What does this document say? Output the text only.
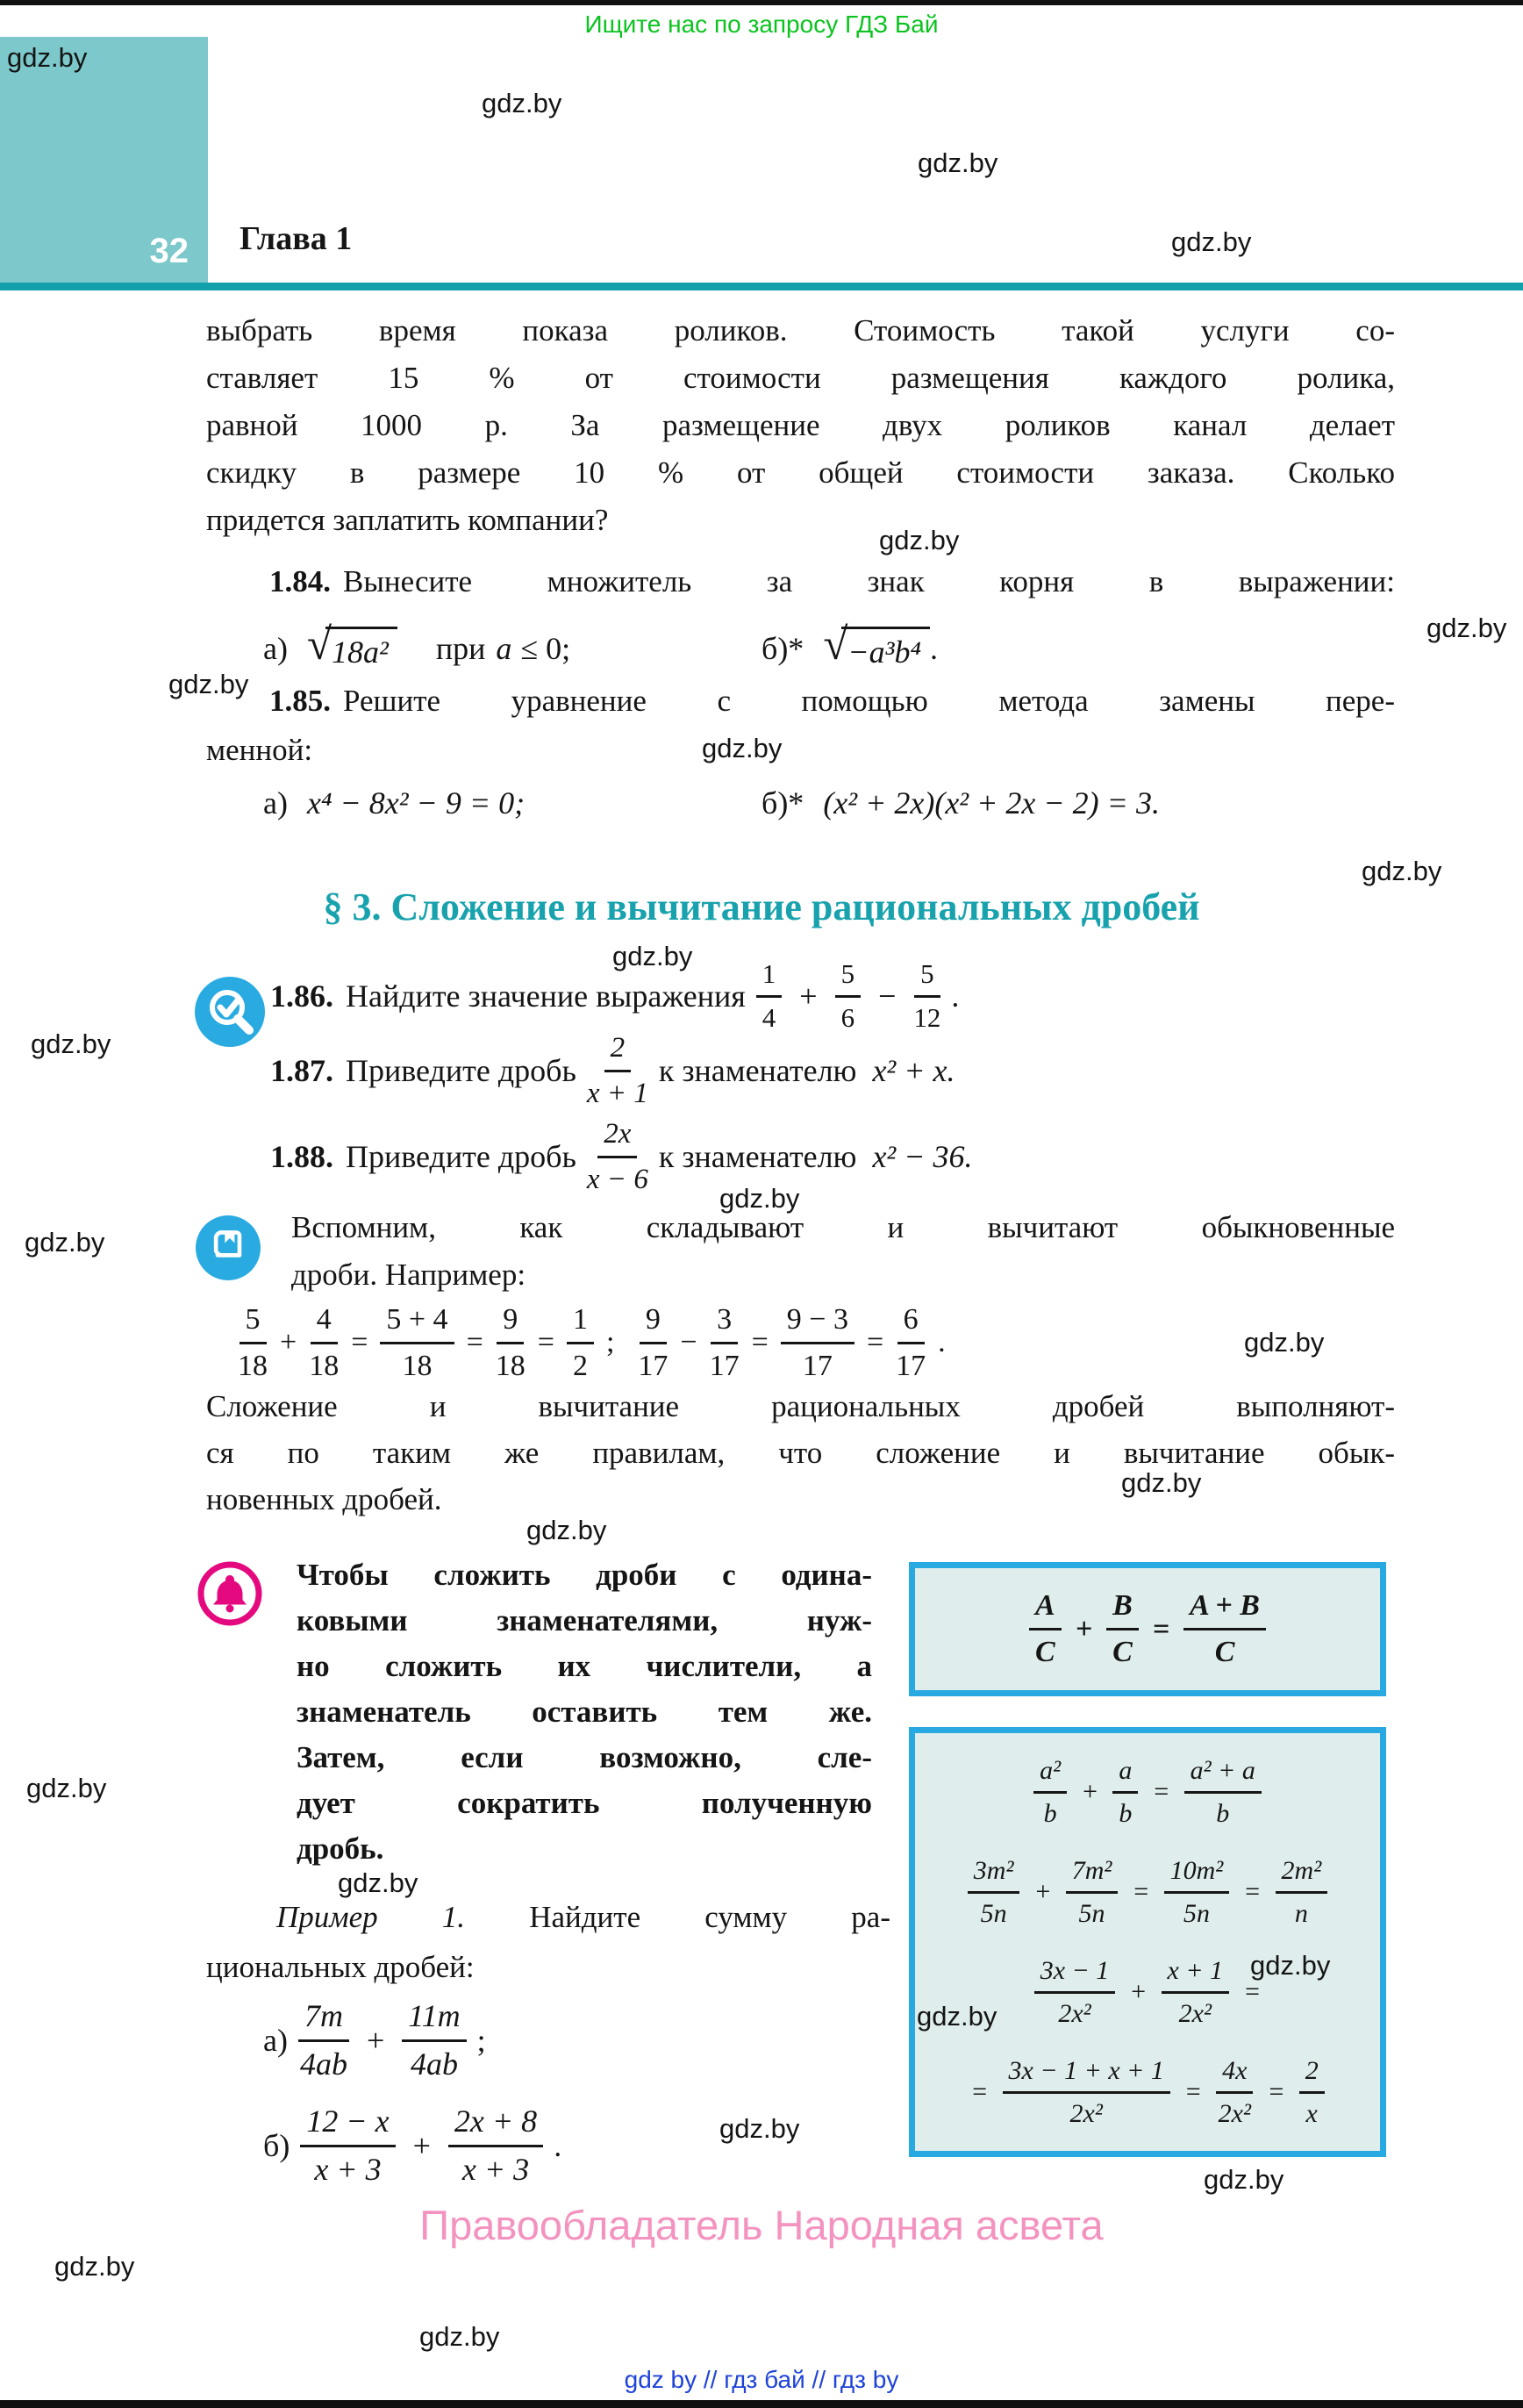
Ищите нас по запросу ГДЗ Бай
32 Глава 1
gdz.by
gdz.by
gdz.by
gdz.by
gdz.by
gdz.by
gdz.by
gdz.by
gdz.by
gdz.by
gdz.by
gdz.by
gdz.by
gdz.by
gdz.by
gdz.by
gdz.by
gdz.by
gdz.by
gdz.by
gdz.by
gdz.by
gdz.by
gdz.by
выбрать время показа роликов. Стоимость такой услуги со-
ставляет 15 % от стоимости размещения каждого ролика,
равной 1000 р. За размещение двух роликов канал делает
скидку в размере 10 % от общей стоимости заказа. Сколько
придется заплатить компании?
1.84. Вынесите множитель за знак корня в выражении:
а) √ 18a² при a ≤ 0;	б)* √ −a³b⁴ .
1.85. Решите уравнение с помощью метода замены пере-
менной:
а) x⁴ − 8x² − 9 = 0;	б)* (x² + 2x)(x² + 2x − 2) = 3.
§ 3. Сложение и вычитание рациональных дробей
1.86. Найдите значение выражения $\frac{1}{4} + \frac{5}{6} - \frac{5}{12}$ .
1.87. Приведите дробь $\frac{2}{x + 1}$ к знаменателю x² + x.
1.88. Приведите дробь $\frac{2x}{x - 6}$ к знаменателю x² − 36.
Вспомним, как складывают и вычитают обыкновенные
дроби. Например:
$\frac{5}{18} + \frac{4}{18} = \frac{5 + 4}{18} = \frac{9}{18} = \frac{1}{2}$ ; $\frac{9}{17} - \frac{3}{17} = \frac{9 - 3}{17} = \frac{6}{17}$ .
Сложение и вычитание рациональных дробей выполняют-
ся по таким же правилам, что сложение и вычитание обык-
новенных дробей.
Чтобы сложить дроби с одина-
ковыми знаменателями, нуж-
но сложить их числители, а
знаменатель оставить тем же.
Затем, если возможно, сле-
дует сократить полученную
дробь.
$\frac{A}{C} + \frac{B}{C} = \frac{A + B}{C}$
$\frac{\text{a²}}{b} + \frac{a}{b} = \frac{\text{a² + a}}{b}$
$\frac{\text{3m²}}{5n} + \frac{\text{7m²}}{5n} = \frac{\text{10m²}}{5n} = \frac{\text{2m²}}{n}$
$\frac{3x - 1}{\text{2x²}} + \frac{x + 1}{\text{2x²}}$ =
= $\frac{3x - 1 + x + 1}{\text{2x²}} = \frac{4x}{\text{2x²}} = \frac{2}{x}$
Пример 1. Найдите сумму ра-
циональных дробей:
$а) \frac{7m}{4ab} + \frac{11m}{4ab}$ ;
$б) \frac{12 - x}{x + 3} + \frac{2x + 8}{x + 3}$ .
Правообладатель Народная асвета
gdz by // гдз бай // гдз by
